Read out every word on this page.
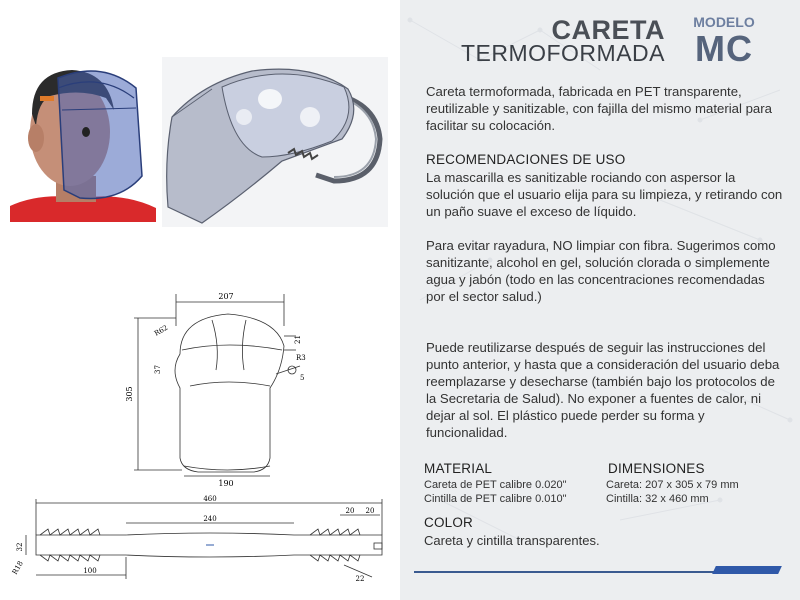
207
305
190
R62
37
21
R3
5
460
240
32
R18	100
20 20
22
CARETA
TERMOFORMADA
MODELO
MC

Careta termoformada, fabricada en PET transparente, reutilizable y sanitizable, con fajilla del mismo material para facilitar su colocación.

RECOMENDACIONES DE USO

La mascarilla es sanitizable rociando con aspersor la solución que el usuario elija para su limpieza, y retirando con un paño suave el exceso de líquido.

Para evitar rayadura, NO limpiar con fibra. Sugerimos como sanitizante, alcohol en gel, solución clorada o simplemente agua y jabón (todo en las concentraciones recomendadas por el sector salud.)

Puede reutilizarse después de seguir las instrucciones del punto anterior, y hasta que a consideración del usuario deba reemplazarse y desecharse (también bajo los protocolos de la Secretaria de Salud). No exponer a fuentes de calor, ni dejar al sol. El plástico puede perder su forma y funcionalidad.

MATERIAL
Careta de PET calibre 0.020"
Cintilla de PET calibre 0.010"
DIMENSIONES
Careta: 207 x 305 x 79 mm
Cintilla: 32 x 460 mm
COLOR
Careta y cintilla transparentes.
